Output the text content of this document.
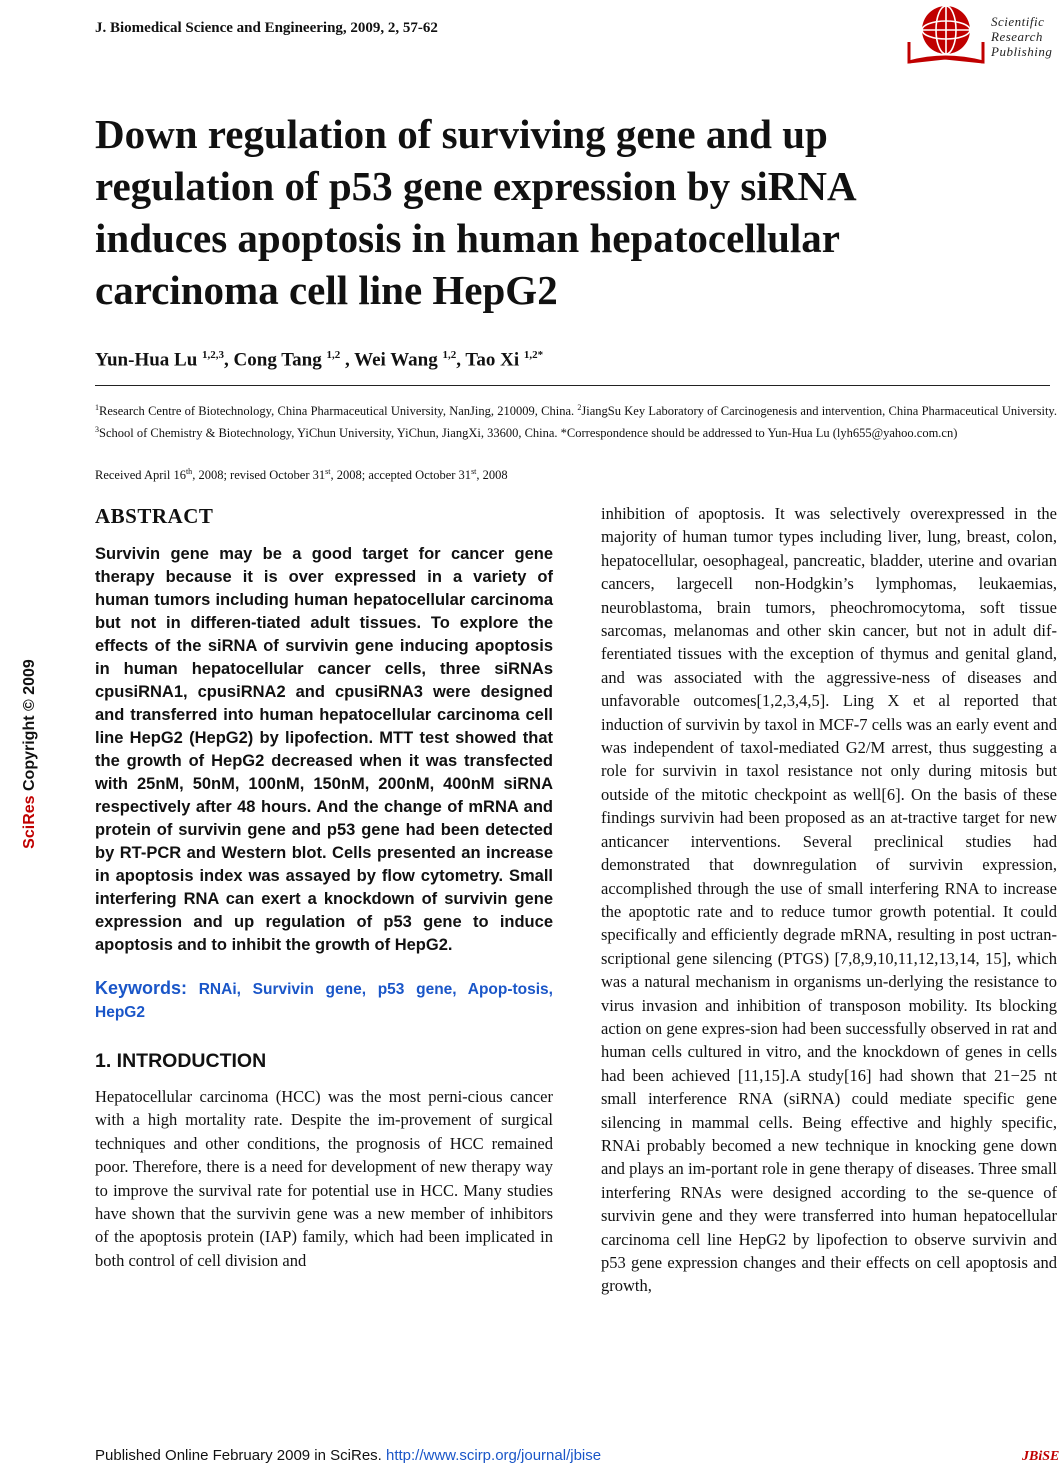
J. Biomedical Science and Engineering, 2009, 2, 57-62	Scientific
Research
Publishing
Down regulation of surviving gene and up regulation of p53 gene expression by siRNA induces apoptosis in human hepatocellular carcinoma cell line HepG2
Yun-Hua Lu $^{1,2,3}$, Cong Tang $^{1,2}$ , Wei Wang $^{1,2}$, Tao Xi $^{1,2*}$
$^1$Research Centre of Biotechnology, China Pharmaceutical University, NanJing, 210009, China. $^2$JiangSu Key Laboratory of Carcinogenesis and intervention, China Pharmaceutical University. $^3$School of Chemistry & Biotechnology, YiChun University, YiChun, JiangXi, 33600, China. *Correspondence should be addressed to Yun-Hua Lu (lyh655@yahoo.com.cn)
Received April 16th, 2008; revised October 31st, 2008; accepted October 31st, 2008
SciRes Copyright © 2009
ABSTRACT

Survivin gene may be a good target for cancer gene therapy because it is over expressed in a variety of human tumors including human hepatocellular carcinoma but not in differen-tiated adult tissues. To explore the effects of the siRNA of survivin gene inducing apoptosis in human hepatocellular cancer cells, three siRNAs cpusiRNA1, cpusiRNA2 and cpusiRNA3 were designed and transferred into human hepatocellular carcinoma cell line HepG2 (HepG2) by lipofection. MTT test showed that the growth of HepG2 decreased when it was transfected with 25nM, 50nM, 100nM, 150nM, 200nM, 400nM siRNA respectively after 48 hours. And the change of mRNA and protein of survivin gene and p53 gene had been detected by RT-PCR and Western blot. Cells presented an increase in apoptosis index was assayed by flow cytometry. Small interfering RNA can exert a knockdown of survivin gene expression and up regulation of p53 gene to induce apoptosis and to inhibit the growth of HepG2.

Keywords: RNAi, Survivin gene, p53 gene, Apop-tosis, HepG2
1. INTRODUCTION

Hepatocellular carcinoma (HCC) was the most perni-cious cancer with a high mortality rate. Despite the im-provement of surgical techniques and other conditions, the prognosis of HCC remained poor. Therefore, there is a need for development of new therapy way to improve the survival rate for potential use in HCC. Many studies have shown that the survivin gene was a new member of inhibitors of the apoptosis protein (IAP) family, which had been implicated in both control of cell division and

inhibition of apoptosis. It was selectively overexpressed in the majority of human tumor types including liver, lung, breast, colon, hepatocellular, oesophageal, pancreatic, bladder, uterine and ovarian cancers, largecell non-Hodgkin’s lymphomas, leukaemias, neuroblastoma, brain tumors, pheochromocytoma, soft tissue sarcomas, melanomas and other skin cancer, but not in adult dif-ferentiated tissues with the exception of thymus and genital gland, and was associated with the aggressive-ness of diseases and unfavorable outcomes[1,2,3,4,5]. Ling X et al reported that induction of survivin by taxol in MCF-7 cells was an early event and was independent of taxol-mediated G2/M arrest, thus suggesting a role for survivin in taxol resistance not only during mitosis but outside of the mitotic checkpoint as well[6]. On the basis of these findings survivin had been proposed as an at-tractive target for new anticancer interventions. Several preclinical studies had demonstrated that downregulation of survivin expression, accomplished through the use of small interfering RNA to increase the apoptotic rate and to reduce tumor growth potential. It could specifically and efficiently degrade mRNA, resulting in post uctran-scriptional gene silencing (PTGS) [7,8,9,10,11,12,13,14, 15], which was a natural mechanism in organisms un-derlying the resistance to virus invasion and inhibition of transposon mobility. Its blocking action on gene expres-sion had been successfully observed in rat and human cells cultured in vitro, and the knockdown of genes in cells had been achieved [11,15].A study[16] had shown that 21−25 nt small interference RNA (siRNA) could mediate specific gene silencing in mammal cells. Being effective and highly specific, RNAi probably becomed a new technique in knocking gene down and plays an im-portant role in gene therapy of diseases. Three small interfering RNAs were designed according to the se-quence of survivin gene and they were transferred into human hepatocellular carcinoma cell line HepG2 by lipofection to observe survivin and p53 gene expression changes and their effects on cell apoptosis and growth,

Published Online February 2009 in SciRes. http://www.scirp.org/journal/jbise	JBiSE
